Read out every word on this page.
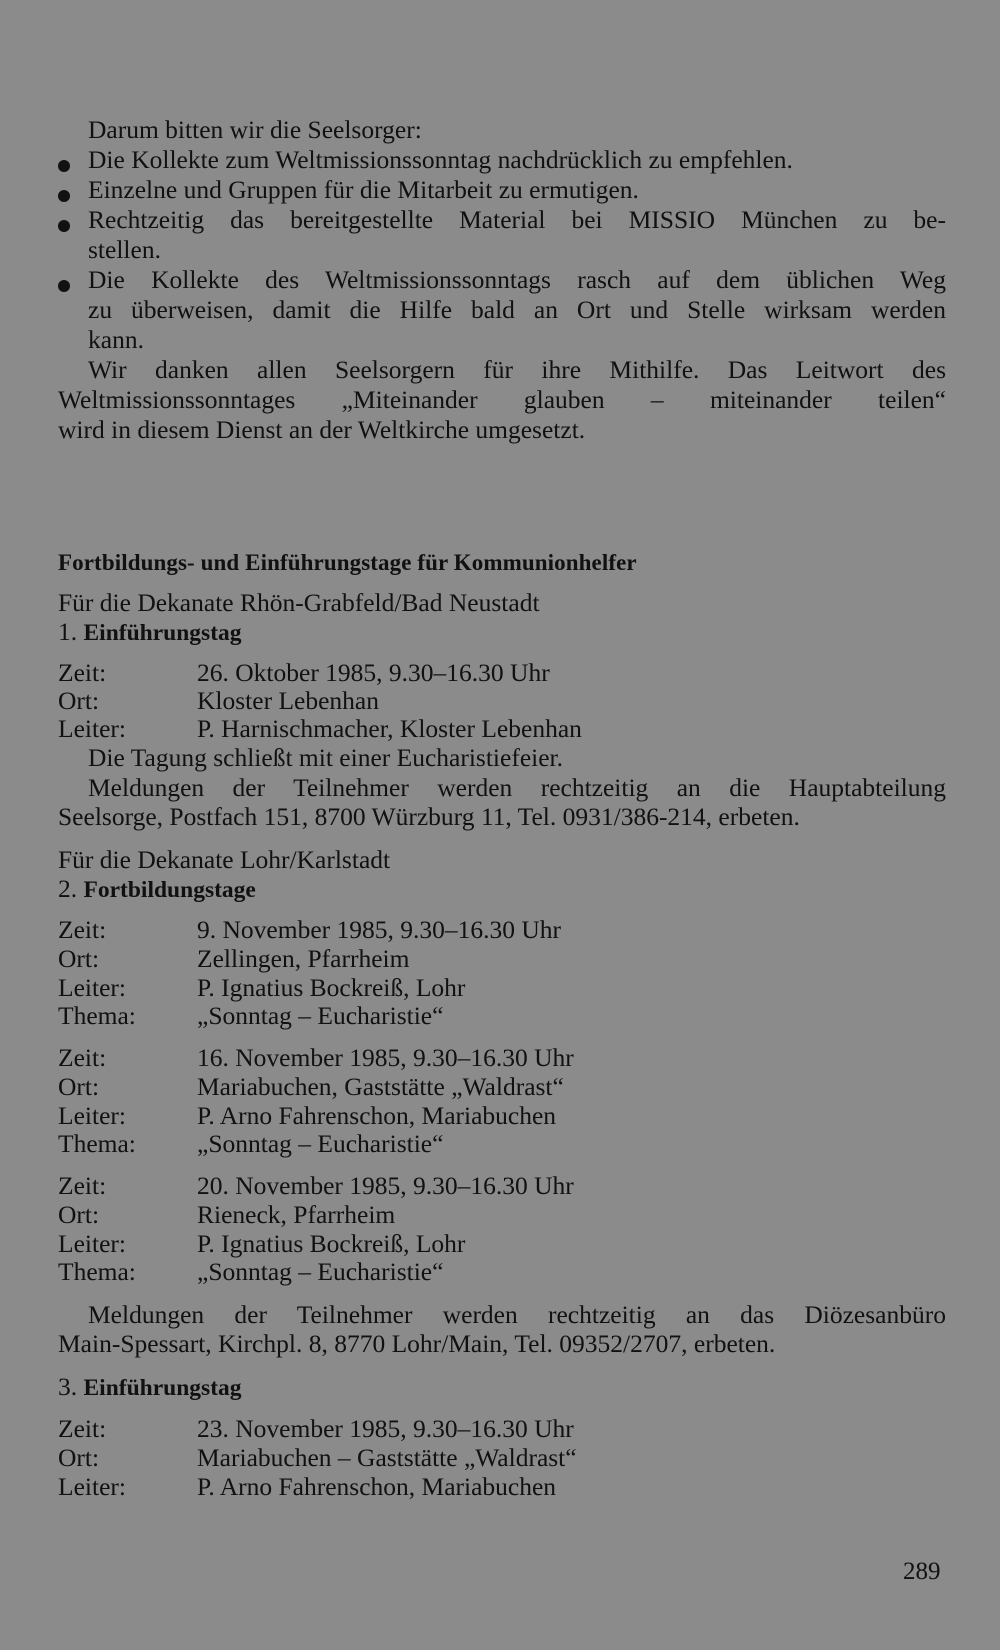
Darum bitten wir die Seelsorger:
Die Kollekte zum Weltmissionssonntag nachdrücklich zu empfehlen.
Einzelne und Gruppen für die Mitarbeit zu ermutigen.
Rechtzeitig das bereitgestellte Material bei MISSIO München zu be-
stellen.
Die Kollekte des Weltmissionssonntags rasch auf dem üblichen Weg
zu überweisen, damit die Hilfe bald an Ort und Stelle wirksam werden
kann.
Wir danken allen Seelsorgern für ihre Mithilfe. Das Leitwort des
Weltmissionssonntages „Miteinander glauben – miteinander teilen“
wird in diesem Dienst an der Weltkirche umgesetzt.
Fortbildungs- und Einführungstage für Kommunionhelfer
Für die Dekanate Rhön-Grabfeld/Bad Neustadt
1. Einführungstag
Zeit:	26. Oktober 1985, 9.30–16.30 Uhr
Ort:	Kloster Lebenhan
Leiter:	P. Harnischmacher, Kloster Lebenhan
Die Tagung schließt mit einer Eucharistiefeier.
Meldungen der Teilnehmer werden rechtzeitig an die Hauptabteilung
Seelsorge, Postfach 151, 8700 Würzburg 11, Tel. 0931/386-214, erbeten.
Für die Dekanate Lohr/Karlstadt
2. Fortbildungstage
Zeit:	9. November 1985, 9.30–16.30 Uhr
Ort:	Zellingen, Pfarrheim
Leiter:	P. Ignatius Bockreiß, Lohr
Thema: „Sonntag – Eucharistie“
Zeit:	16. November 1985, 9.30–16.30 Uhr
Ort:	Mariabuchen, Gaststätte „Waldrast“
Leiter:	P. Arno Fahrenschon, Mariabuchen
Thema: „Sonntag – Eucharistie“
Zeit:	20. November 1985, 9.30–16.30 Uhr
Ort:	Rieneck, Pfarrheim
Leiter:	P. Ignatius Bockreiß, Lohr
Thema: „Sonntag – Eucharistie“
Meldungen der Teilnehmer werden rechtzeitig an das Diözesanbüro
Main-Spessart, Kirchpl. 8, 8770 Lohr/Main, Tel. 09352/2707, erbeten.
3. Einführungstag
Zeit:	23. November 1985, 9.30–16.30 Uhr
Ort:	Mariabuchen – Gaststätte „Waldrast“
Leiter:	P. Arno Fahrenschon, Mariabuchen
289
